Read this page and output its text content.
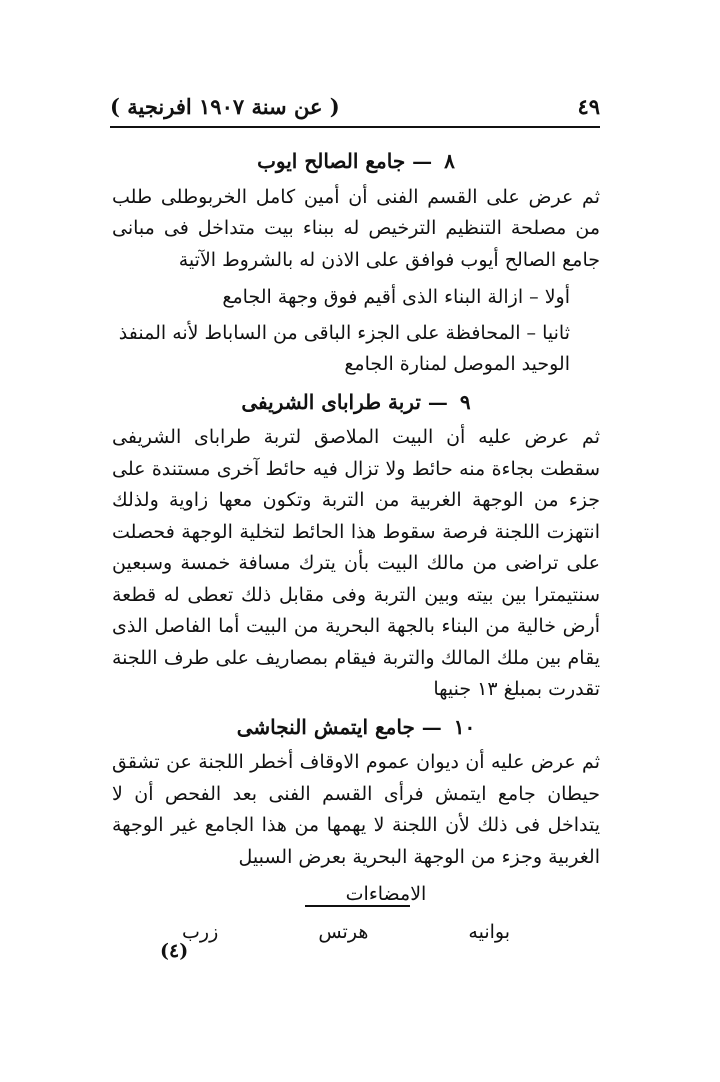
٤٩
( عن سنة ١٩٠٧ افرنجية )
٨— جامع الصالح ايوب

ثم عرض على القسم الفنى أن أمين كامل الخربوطلى طلب من مصلحة التنظيم الترخيص له ببناء بيت متداخل فى مبانى جامع الصالح أيوب فوافق على الاذن له بالشروط الآتية

أولا – ازالة البناء الذى أقيم فوق وجهة الجامع

ثانيا – المحافظة على الجزء الباقى من الساباط لأنه المنفذ الوحيد الموصل لمنارة الجامع

٩— تربة طراباى الشريفى

ثم عرض عليه أن البيت الملاصق لتربة طراباى الشريفى سقطت بجاءة منه حائط ولا تزال فيه حائط آخرى مستندة على جزء من الوجهة الغربية من التربة وتكون معها زاوية ولذلك انتهزت اللجنة فرصة سقوط هذا الحائط لتخلية الوجهة فحصلت على تراضى من مالك البيت بأن يترك مسافة خمسة وسبعين سنتيمترا بين بيته وبين التربة وفى مقابل ذلك تعطى له قطعة أرض خالية من البناء بالجهة البحرية من البيت أما الفاصل الذى يقام بين ملك المالك والتربة فيقام بمصاريف على طرف اللجنة تقدرت بمبلغ ١٣ جنيها

١٠— جامع ايتمش النجاشى

ثم عرض عليه أن ديوان عموم الاوقاف أخطر اللجنة عن تشقق حيطان جامع ايتمش فرأى القسم الفنى بعد الفحص أن لا يتداخل فى ذلك لأن اللجنة لا يهمها من هذا الجامع غير الوجهة الغربية وجزء من الوجهة البحرية بعرض السبيل

الامضاءات
بوانيه
هرتس
زرب
(٤)
